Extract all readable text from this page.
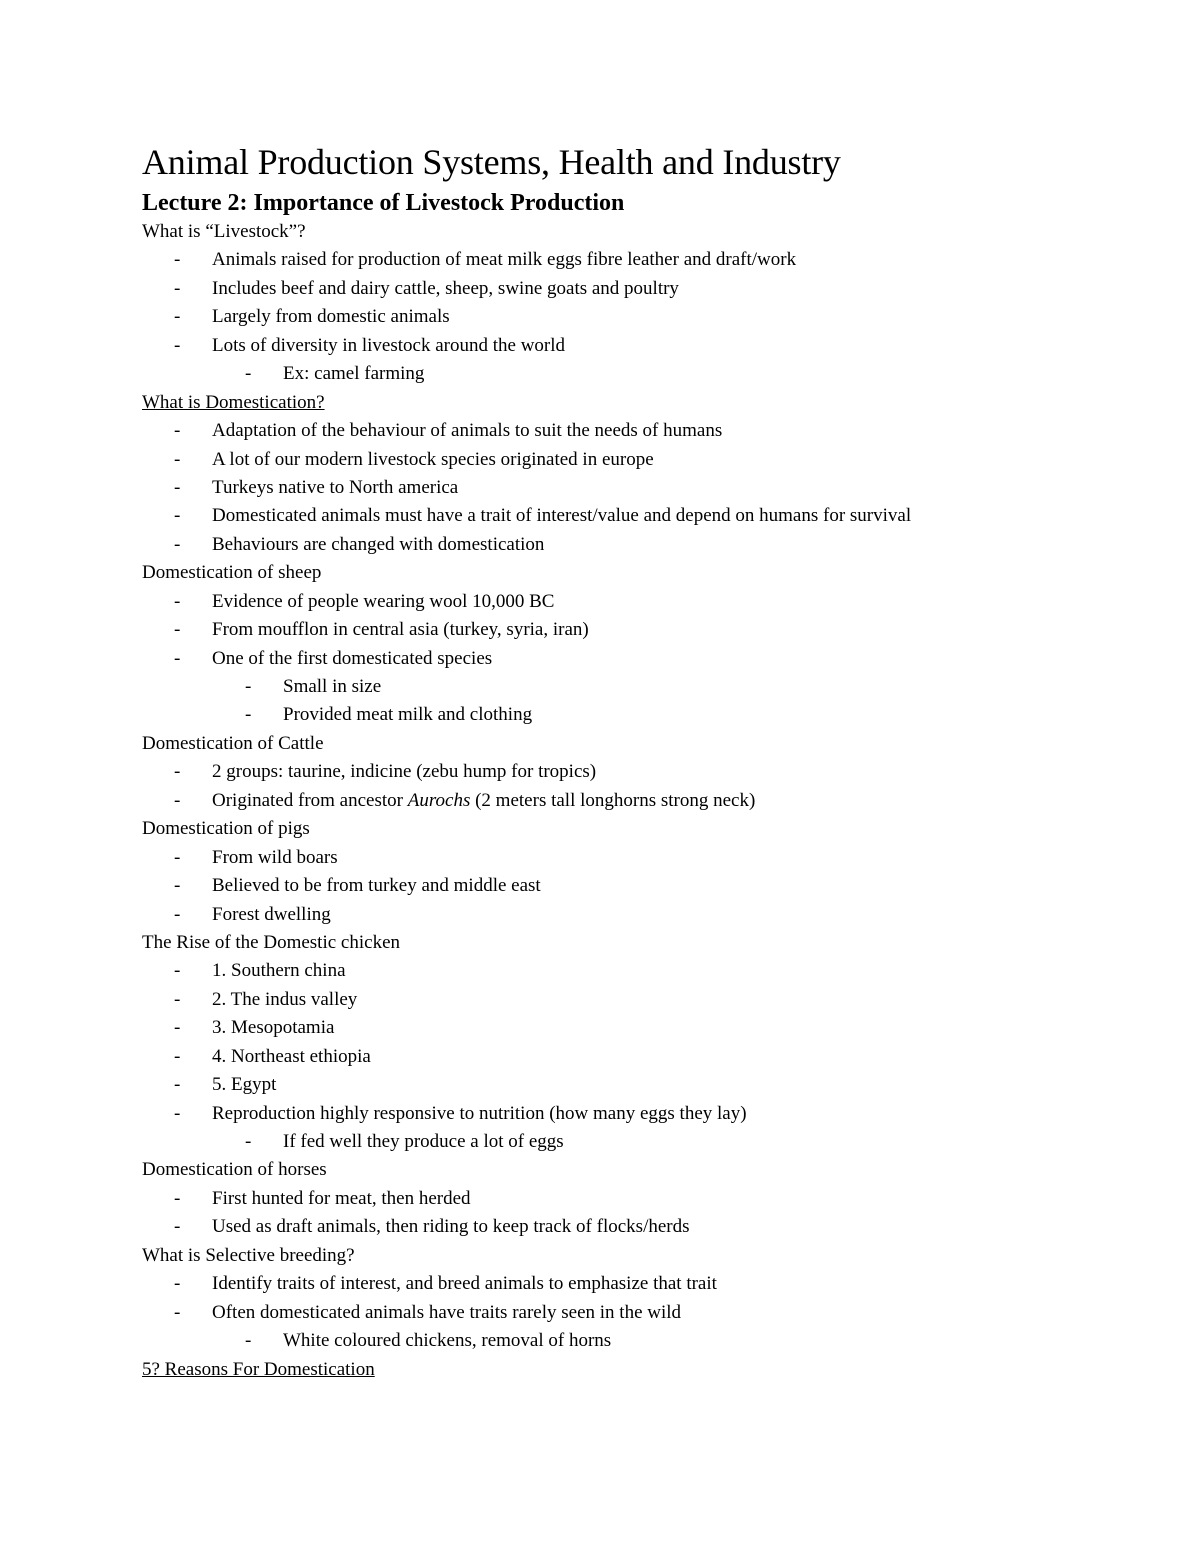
Animal Production Systems, Health and Industry
Lecture 2: Importance of Livestock Production
What is “Livestock”?
- Animals raised for production of meat milk eggs fibre leather and draft/work
- Includes beef and dairy cattle, sheep, swine goats and poultry
- Largely from domestic animals
- Lots of diversity in livestock around the world
- Ex: camel farming
What is Domestication?
- Adaptation of the behaviour of animals to suit the needs of humans
- A lot of our modern livestock species originated in europe
- Turkeys native to North america
- Domesticated animals must have a trait of interest/value and depend on humans for survival
- Behaviours are changed with domestication
Domestication of sheep
- Evidence of people wearing wool 10,000 BC
- From moufflon in central asia (turkey, syria, iran)
- One of the first domesticated species
- Small in size
- Provided meat milk and clothing
Domestication of Cattle
- 2 groups: taurine, indicine (zebu hump for tropics)
- Originated from ancestor Aurochs (2 meters tall longhorns strong neck)
Domestication of pigs
- From wild boars
- Believed to be from turkey and middle east
- Forest dwelling
The Rise of the Domestic chicken
- 1. Southern china
- 2. The indus valley
- 3. Mesopotamia
- 4. Northeast ethiopia
- 5. Egypt
- Reproduction highly responsive to nutrition (how many eggs they lay)
- If fed well they produce a lot of eggs
Domestication of horses
- First hunted for meat, then herded
- Used as draft animals, then riding to keep track of flocks/herds
What is Selective breeding?
- Identify traits of interest, and breed animals to emphasize that trait
- Often domesticated animals have traits rarely seen in the wild
- White coloured chickens, removal of horns
5? Reasons For Domestication
